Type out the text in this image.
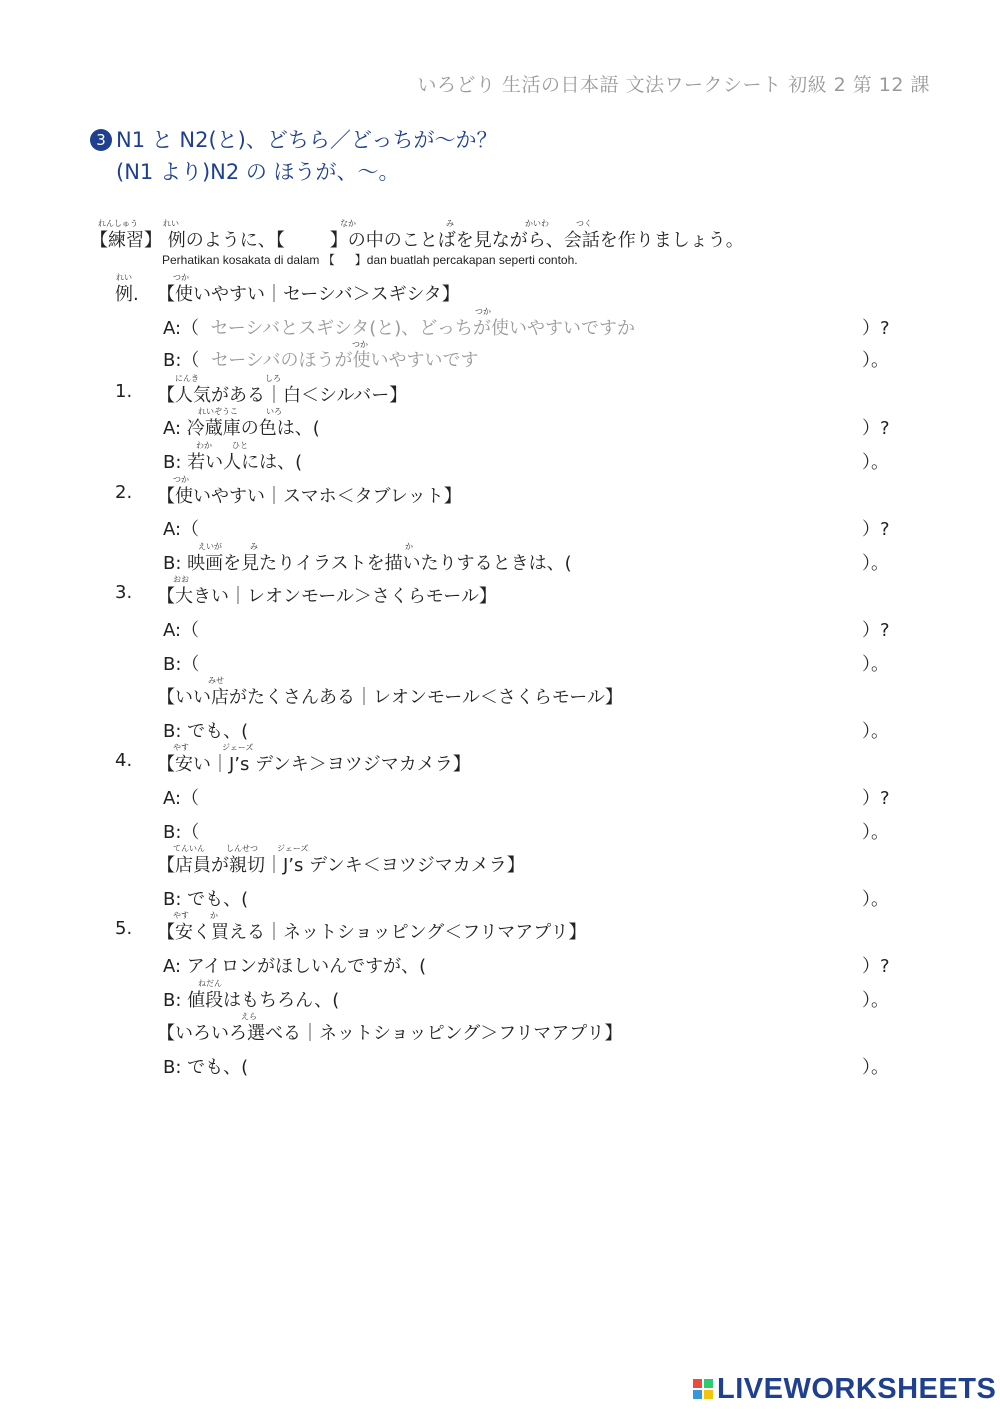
いろどり 生活の日本語 文法ワークシート 初級 2 第 12 課
3 N1 と N2(と)、どちら／どっちが～か？
(N1 より)N2 の ほうが、～。
れんしゅう	れい	なか	み	かいわ	つく
【練習】 例のように、【	】の中のことばを見ながら、会話を作りましょう。
Perhatikan kosakata di dalam 【 】dan buatlah percakapan seperti contoh.
れい	つか
例. 【使いやすい｜セーシバ＞スギシタ】
つか
A:（  セーシバとスギシタ(と)、どっちが使いやすいですか	）?
つか
B:（  セーシバのほうが使いやすいです	）。
にんき	しろ
1. 【人気がある｜白＜シルバー】
れいぞうこ	いろ
A: 冷蔵庫の色は、(	）?
わか	ひと
B: 若い人には、(	）。
つか
2. 【使いやすい｜スマホ＜タブレット】
A:（	）?
えいが	み	か
B: 映画を見たりイラストを描いたりするときは、(	）。
おお
3. 【大きい｜レオンモール＞さくらモール】
A:（	）?
B:（	）。
みせ
【いい店がたくさんある｜レオンモール＜さくらモール】
B: でも、(	）。
やす	ジェーズ
4. 【安い｜J’s デンキ＞ヨツジマカメラ】
A:（	）?
B:（	）。
てんいん	しんせつ ジェーズ
【店員が親切｜J’s デンキ＜ヨツジマカメラ】
B: でも、(	）。
やす	か
5. 【安く買える｜ネットショッピング＜フリマアプリ】
A: アイロンがほしいんですが、(	）?
ねだん
B: 値段はもちろん、(	）。
えら
【いろいろ選べる｜ネットショッピング＞フリマアプリ】
B: でも、(	）。
LIVEWORKSHEETS
